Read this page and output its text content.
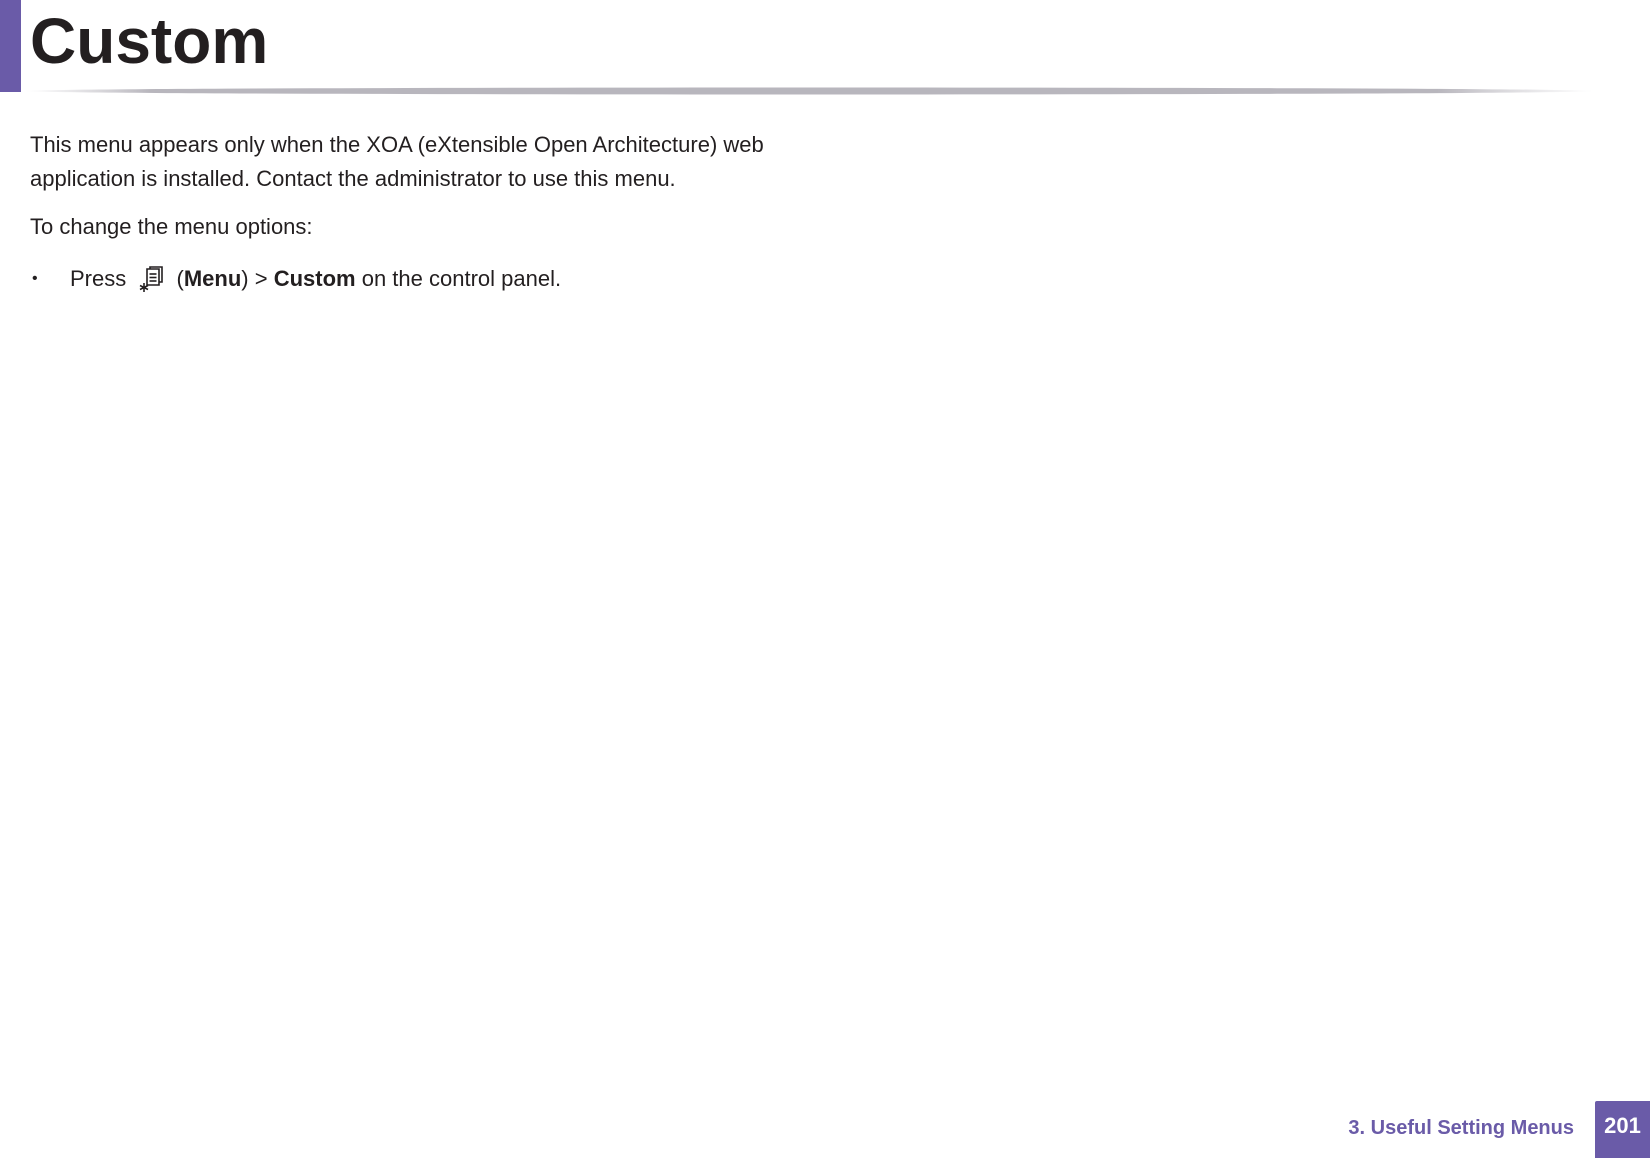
Custom

This menu appears only when the XOA (eXtensible Open Architecture) web application is installed. Contact the administrator to use this menu.

To change the menu options:

• Press (Menu) > Custom on the control panel.

3. Useful Setting Menus	201
